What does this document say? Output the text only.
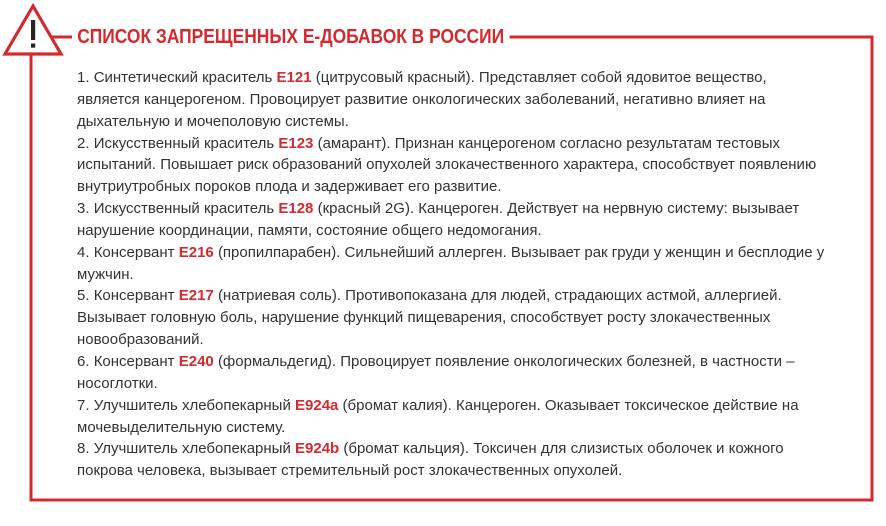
СПИСОК ЗАПРЕЩЕННЫХ Е-ДОБАВОК В РОССИИ
1. Синтетический краситель E121 (цитрусовый красный). Представляет собой ядовитое вещество,
является канцерогеном. Провоцирует развитие онкологических заболеваний, негативно влияет на
дыхательную и мочеполовую системы.
2. Искусственный краситель E123 (амарант). Признан канцерогеном согласно результатам тестовых
испытаний. Повышает риск образований опухолей злокачественного характера, способствует появлению
внутриутробных пороков плода и задерживает его развитие.
3. Искусственный краситель E128 (красный 2G). Канцероген. Действует на нервную систему: вызывает
нарушение координации, памяти, состояние общего недомогания.
4. Консервант E216 (пропилпарабен). Сильнейший аллерген. Вызывает рак груди у женщин и бесплодие у
мужчин.
5. Консервант E217 (натриевая соль). Противопоказана для людей, страдающих астмой, аллергией.
Вызывает головную боль, нарушение функций пищеварения, способствует росту злокачественных
новообразований.
6. Консервант E240 (формальдегид). Провоцирует появление онкологических болезней, в частности –
носоглотки.
7. Улучшитель хлебопекарный E924a (бромат калия). Канцероген. Оказывает токсическое действие на
мочевыделительную систему.
8. Улучшитель хлебопекарный E924b (бромат кальция). Токсичен для слизистых оболочек и кожного
покрова человека, вызывает стремительный рост злокачественных опухолей.
